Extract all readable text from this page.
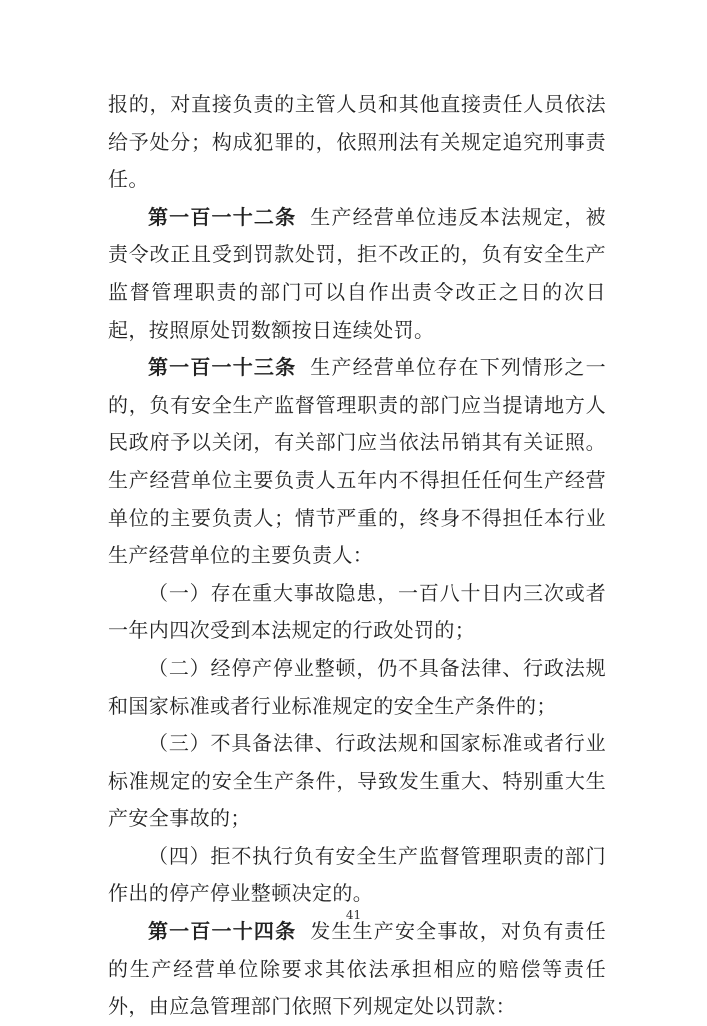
报的，对直接负责的主管人员和其他直接责任人员依法给予处分；构成犯罪的，依照刑法有关规定追究刑事责任。

第一百一十二条 生产经营单位违反本法规定，被责令改正且受到罚款处罚，拒不改正的，负有安全生产监督管理职责的部门可以自作出责令改正之日的次日起，按照原处罚数额按日连续处罚。

第一百一十三条 生产经营单位存在下列情形之一的，负有安全生产监督管理职责的部门应当提请地方人民政府予以关闭，有关部门应当依法吊销其有关证照。生产经营单位主要负责人五年内不得担任任何生产经营单位的主要负责人；情节严重的，终身不得担任本行业生产经营单位的主要负责人：

（一）存在重大事故隐患，一百八十日内三次或者一年内四次受到本法规定的行政处罚的；

（二）经停产停业整顿，仍不具备法律、行政法规和国家标准或者行业标准规定的安全生产条件的；

（三）不具备法律、行政法规和国家标准或者行业标准规定的安全生产条件，导致发生重大、特别重大生产安全事故的；

（四）拒不执行负有安全生产监督管理职责的部门作出的停产停业整顿决定的。

第一百一十四条 发生生产安全事故，对负有责任的生产经营单位除要求其依法承担相应的赔偿等责任外，由应急管理部门依照下列规定处以罚款：

41
